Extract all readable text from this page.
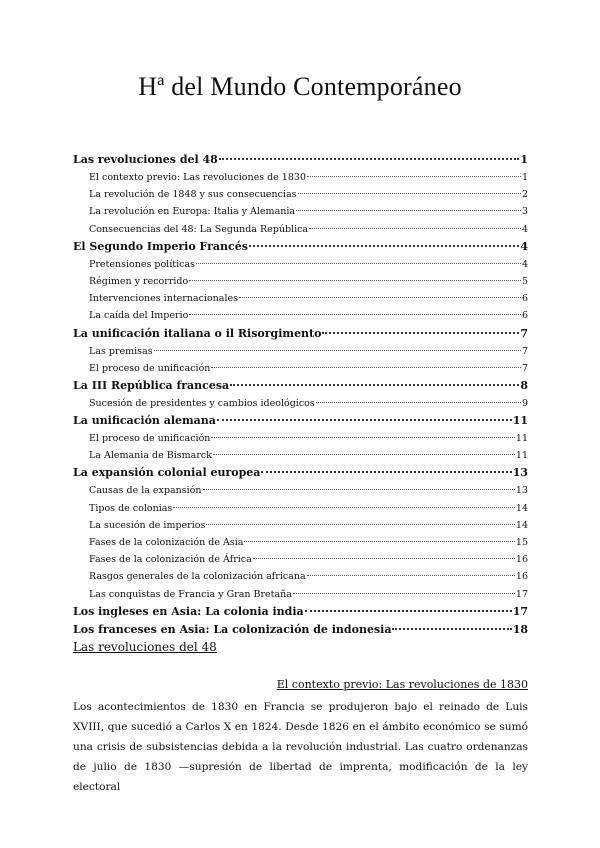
Hª del Mundo Contemporáneo
Las revoluciones del 48	1
El contexto previo: Las revoluciones de 1830	1
La revolución de 1848 y sus consecuencias	2
La revolución en Europa: Italia y Alemania	3
Consecuencias del 48: La Segunda República	4
El Segundo Imperio Francés	4
Pretensiones políticas	4
Régimen y recorrido	5
Intervenciones internacionales	6
La caída del Imperio	6
La unificación italiana o il Risorgimento	7
Las premisas	7
El proceso de unificación	7
La III República francesa	8
Sucesión de presidentes y cambios ideológicos	9
La unificación alemana	11
El proceso de unificación	11
La Alemania de Bismarck	11
La expansión colonial europea	13
Causas de la expansión	13
Tipos de colonias	14
La sucesión de imperios	14
Fases de la colonización de Asia	15
Fases de la colonización de África	16
Rasgos generales de la colonización africana	16
Las conquistas de Francia y Gran Bretaña	17
Los ingleses en Asia: La colonia india	17
Los franceses en Asia: La colonización de indonesia	18
Las revoluciones del 48
El contexto previo: Las revoluciones de 1830
Los acontecimientos de 1830 en Francia se produjeron bajo el reinado de Luis XVIII, que sucedió a Carlos X en 1824. Desde 1826 en el ámbito económico se sumó una crisis de subsistencias debida a la revolución industrial. Las cuatro ordenanzas de julio de 1830 —supresión de libertad de imprenta, modificación de la ley electoral
